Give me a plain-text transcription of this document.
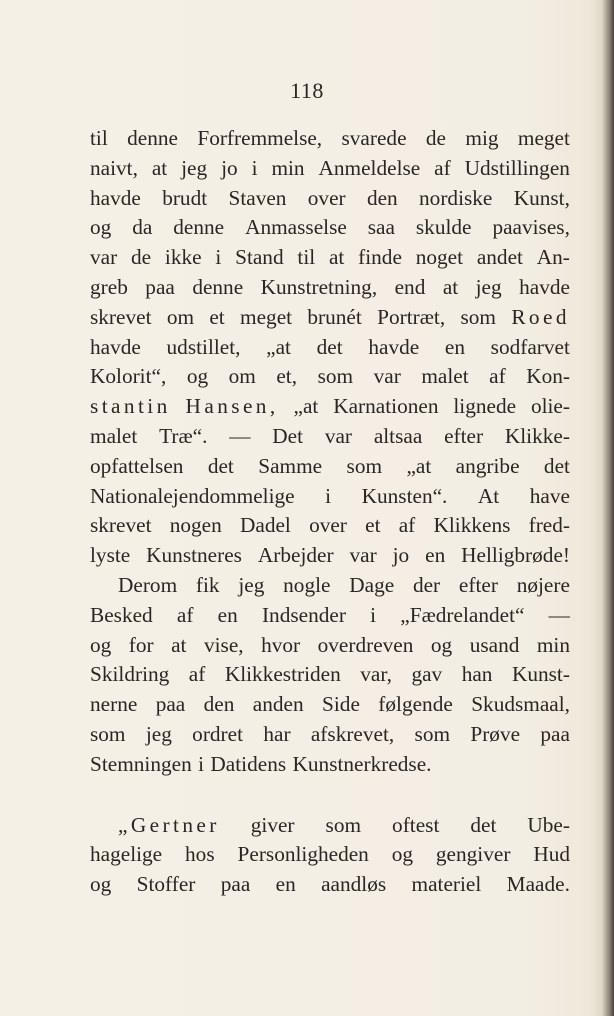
118
til denne Forfremmelse, svarede de mig meget
naivt, at jeg jo i min Anmeldelse af Udstillingen
havde brudt Staven over den nordiske Kunst,
og da denne Anmasselse saa skulde paavises,
var de ikke i Stand til at finde noget andet An-
greb paa denne Kunstretning, end at jeg havde
skrevet om et meget brunét Portræt, som Roed
havde udstillet, „at det havde en sodfarvet
Kolorit“, og om et, som var malet af Kon-
stantin Hansen, „at Karnationen lignede olie-
malet Træ“. — Det var altsaa efter Klikke-
opfattelsen det Samme som „at angribe det
Nationalejendommelige i Kunsten“. At have
skrevet nogen Dadel over et af Klikkens fred-
lyste Kunstneres Arbejder var jo en Helligbrøde!
Derom fik jeg nogle Dage der efter nøjere
Besked af en Indsender i „Fædrelandet“ —
og for at vise, hvor overdreven og usand min
Skildring af Klikkestriden var, gav han Kunst-
nerne paa den anden Side følgende Skudsmaal,
som jeg ordret har afskrevet, som Prøve paa
Stemningen i Datidens Kunstnerkredse.
„Gertner giver som oftest det Ube-
hagelige hos Personligheden og gengiver Hud
og Stoffer paa en aandløs materiel Maade.
